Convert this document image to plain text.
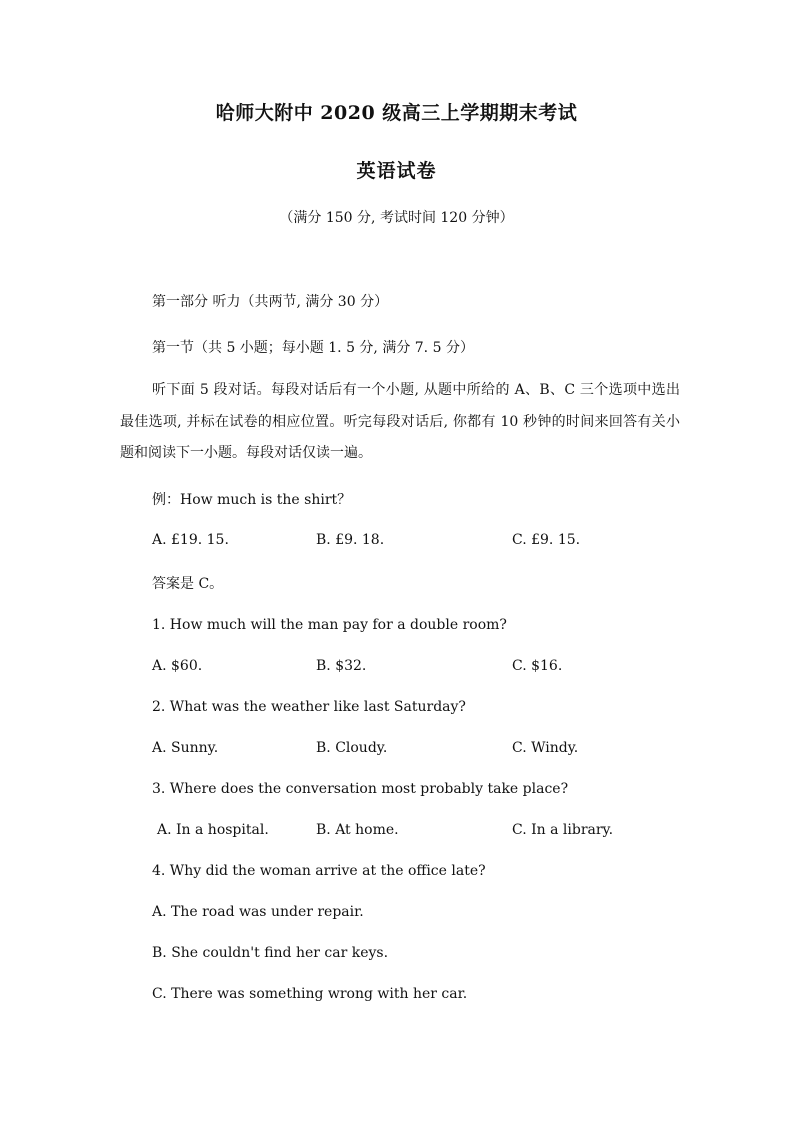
哈师大附中 2020 级高三上学期期末考试
英语试卷
（满分 150 分, 考试时间 120 分钟）
第一部分 听力（共两节, 满分 30 分）
第一节（共 5 小题；每小题 1. 5 分, 满分 7. 5 分）
听下面 5 段对话。每段对话后有一个小题, 从题中所给的 A、B、C 三个选项中选出最佳选项, 并标在试卷的相应位置。听完每段对话后, 你都有 10 秒钟的时间来回答有关小题和阅读下一小题。每段对话仅读一遍。
例：How much is the shirt？
A. £19. 15.	B. £9. 18.	C. £9. 15.
答案是 C。
1. How much will the man pay for a double room?
A. $60.	B. $32.	C. $16.
2. What was the weather like last Saturday?
A. Sunny.	B. Cloudy.	C. Windy.
3. Where does the conversation most probably take place?
A. In a hospital.	B. At home.	C. In a library.
4. Why did the woman arrive at the office late?
A. The road was under repair.
B. She couldn't find her car keys.
C. There was something wrong with her car.
